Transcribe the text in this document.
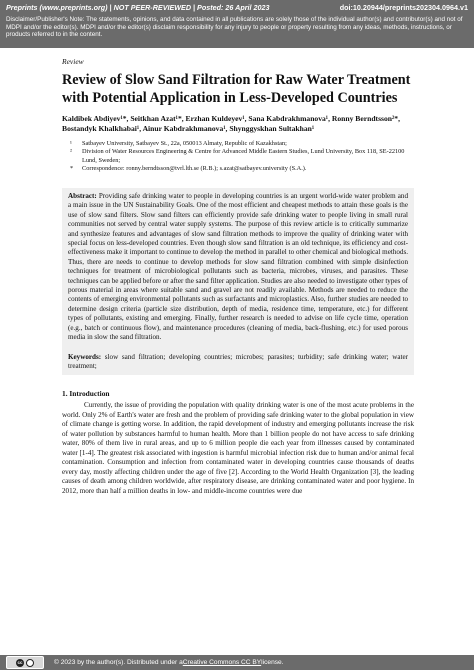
Preprints (www.preprints.org) | NOT PEER-REVIEWED | Posted: 26 April 2023	doi:10.20944/preprints202304.0964.v1
Disclaimer/Publisher's Note: The statements, opinions, and data contained in all publications are solely those of the individual author(s) and contributor(s) and not of MDPI and/or the editor(s). MDPI and/or the editor(s) disclaim responsibility for any injury to people or property resulting from any ideas, methods, instructions, or products referred to in the content.
Review
Review of Slow Sand Filtration for Raw Water Treatment with Potential Application in Less-Developed Countries
Kaldibek Abdiyev¹*, Seitkhan Azat¹*, Erzhan Kuldeyev¹, Sana Kabdrakhmanova¹, Ronny Berndtsson²*, Bostandyk Khalkhabai¹, Ainur Kabdrakhmanova¹, Shynggyskhan Sultakhan¹
¹	Satbayev University, Satbayev St., 22a, 050013 Almaty, Republic of Kazakhstan;
²	Division of Water Resources Engineering & Centre for Advanced Middle Eastern Studies, Lund University, Box 118, SE-22100 Lund, Sweden;
*	Correspondence: ronny.berndtsson@tvrl.lth.se (R.B.); s.azat@satbayev.university (S.A.).

Abstract: Providing safe drinking water to people in developing countries is an urgent world-wide water problem and a main issue in the UN Sustainability Goals. One of the most efficient and cheapest methods to attain these goals is the use of slow sand filters. Slow sand filters can efficiently provide safe drinking water to people living in small rural communities not served by central water supply systems. The purpose of this review article is to critically summarize and synthesize features and advantages of slow sand filtration methods to improve the quality of drinking water with special focus on less-developed countries. Even though slow sand filtration is an old technique, its efficiency and cost-effectiveness make it important to continue to develop the method in parallel to other chemical and biological methods. Thus, there are needs to continue to develop methods for slow sand filtration combined with simple disinfection techniques for treatment of microbiological pollutants such as bacteria, microbes, viruses, and parasites. These techniques can be applied before or after the sand filter application. Studies are also needed to investigate other types of porous material in areas where suitable sand and gravel are not readily available. Methods are needed to reduce the contents of emerging environmental pollutants such as surfactants and microplastics. Also, further studies are needed to determine design criteria (particle size distribution, depth of media, residence time, temperature, etc.) for different types of pollutants, existing and emerging. Finally, further research is needed to advise on life cycle time, operation (e.g., batch or continuous flow), and maintenance procedures (cleaning of media, back-flushing, etc.) for used porous media in slow the sand filtration.

Keywords: slow sand filtration; developing countries; microbes; parasites; turbidity; safe drinking water; water treatment;

1. Introduction

Currently, the issue of providing the population with quality drinking water is one of the most acute problems in the world. Only 2% of Earth's water are fresh and the problem of providing safe drinking water to the global population in view of climate change is getting worse. In addition, the rapid development of industry and emerging pollutants increase the risk of water pollution by substances harmful to human health. More than 1 billion people do not have access to safe drinking water, 80% of them live in rural areas, and up to 6 million people die each year from illnesses caused by contaminated water [1-4]. The greatest risk associated with ingestion is harmful microbial infection risk due to human and/or animal fecal contamination. Consumption and infection from contaminated water in developing countries cause thousands of deaths every day, mostly affecting children under the age of five [2]. According to the World Health Organization [3], the leading causes of death among children worldwide, after respiratory disease, are drinking contaminated water and poor hygiene. In 2012, more than half a million deaths in low- and middle-income countries were due

cc	© 2023 by the author(s). Distributed under a Creative Commons CC BY license.
